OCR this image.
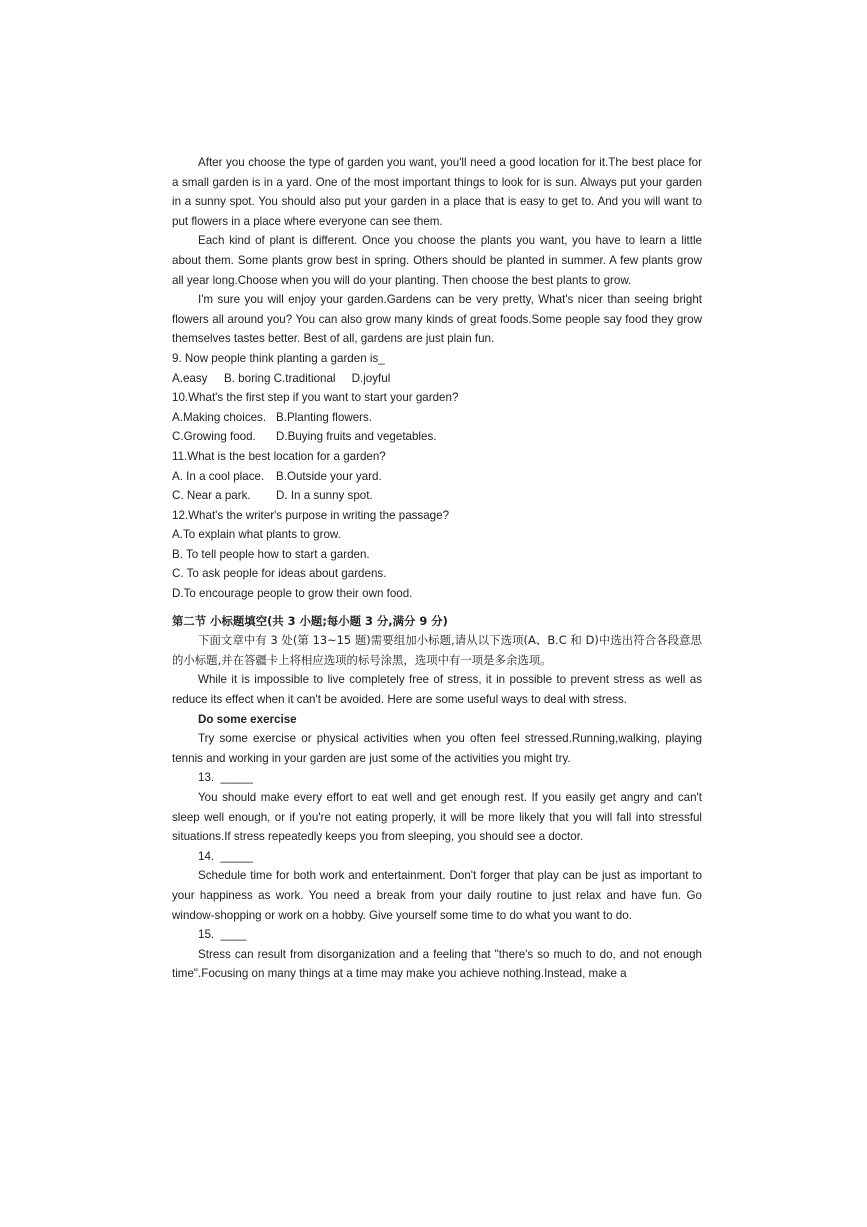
After you choose the type of garden you want, you'll need a good location for it.The best place for a small garden is in a yard. One of the most important things to look for is sun. Always put your garden in a sunny spot. You should also put your garden in a place that is easy to get to. And you will want to put flowers in a place where everyone can see them.

Each kind of plant is different. Once you choose the plants you want, you have to learn a little about them. Some plants grow best in spring. Others should be planted in summer. A few plants grow all year long.Choose when you will do your planting. Then choose the best plants to grow.

I'm sure you will enjoy your garden.Gardens can be very pretty, What's nicer than seeing bright flowers all around you? You can also grow many kinds of great foods.Some people say food they grow themselves tastes better. Best of all, gardens are just plain fun.

9. Now people think planting a garden is_

A.easy B. boring C.traditional D.joyful

10.What's the first step if you want to start your garden?

A.Making choices. B.Planting flowers.

C.Growing food. D.Buying fruits and vegetables.

11.What is the best location for a garden?

A. In a cool place. B.Outside your yard.

C. Near a park. D. In a sunny spot.

12.What's the writer's purpose in writing the passage?

A.To explain what plants to grow.

B. To tell people how to start a garden.

C. To ask people for ideas about gardens.

D.To encourage people to grow their own food.

第二节 小标题填空(共 3 小题;每小题 3 分,满分 9 分)

下面文章中有 3 处(第 13~15 题)需要组加小标题,请从以下选项(A、B.C 和 D)中选出符合各段意思的小标题,并在答疆卡上将相应选项的标号涂黑，选项中有一项是多余选项。

While it is impossible to live completely free of stress, it in possible to prevent stress as well as reduce its effect when it can't be avoided. Here are some useful ways to deal with stress.

Do some exercise

Try some exercise or physical activities when you often feel stressed.Running,walking, playing tennis and working in your garden are just some of the activities you might try.

13.  _____

You should make every effort to eat well and get enough rest. If you easily get angry and can't sleep well enough, or if you're not eating properly, it will be more likely that you will fall into stressful situations.If stress repeatedly keeps you from sleeping, you should see a doctor.

14.  _____

Schedule time for both work and entertainment. Don't forger that play can be just as important to your happiness as work. You need a break from your daily routine to just relax and have fun. Go window-shopping or work on a hobby. Give yourself some time to do what you want to do.

15.  ____

Stress can result from disorganization and a feeling that "there's so much to do, and not enough time".Focusing on many things at a time may make you achieve nothing.Instead, make a
